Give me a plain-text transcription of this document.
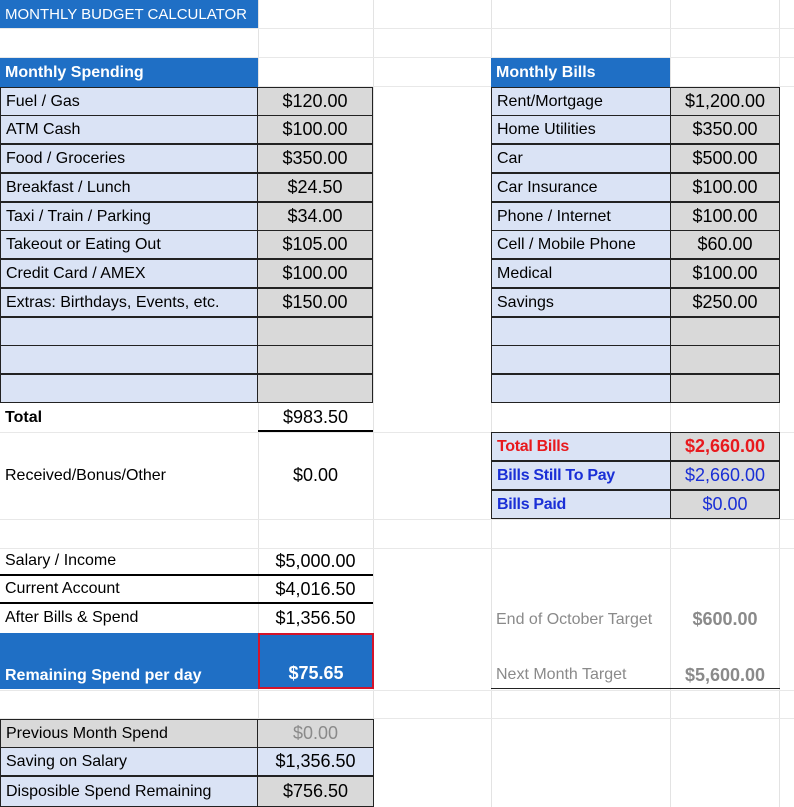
MONTHLY BUDGET CALCULATOR
Monthly Spending
Fuel / Gas	$120.00
ATM Cash	$100.00
Food / Groceries	$350.00
Breakfast / Lunch	$24.50
Taxi / Train / Parking	$34.00
Takeout or Eating Out	$105.00
Credit Card / AMEX	$100.00
Extras: Birthdays, Events, etc.	$150.00
Total	$983.50
Monthly Bills
Rent/Mortgage	$1,200.00
Home Utilities	$350.00
Car	$500.00
Car Insurance	$100.00
Phone / Internet	$100.00
Cell / Mobile Phone	$60.00
Medical	$100.00
Savings	$250.00
Total Bills	$2,660.00
Bills Still To Pay	$2,660.00
Bills Paid	$0.00
Received/Bonus/Other	$0.00
Salary / Income	$5,000.00
Current Account	$4,016.50
After Bills & Spend	$1,356.50
Remaining Spend per day	$75.65
End of October Target	$600.00
Next Month Target	$5,600.00
Previous Month Spend	$0.00
Saving on Salary	$1,356.50
Disposible Spend Remaining	$756.50
